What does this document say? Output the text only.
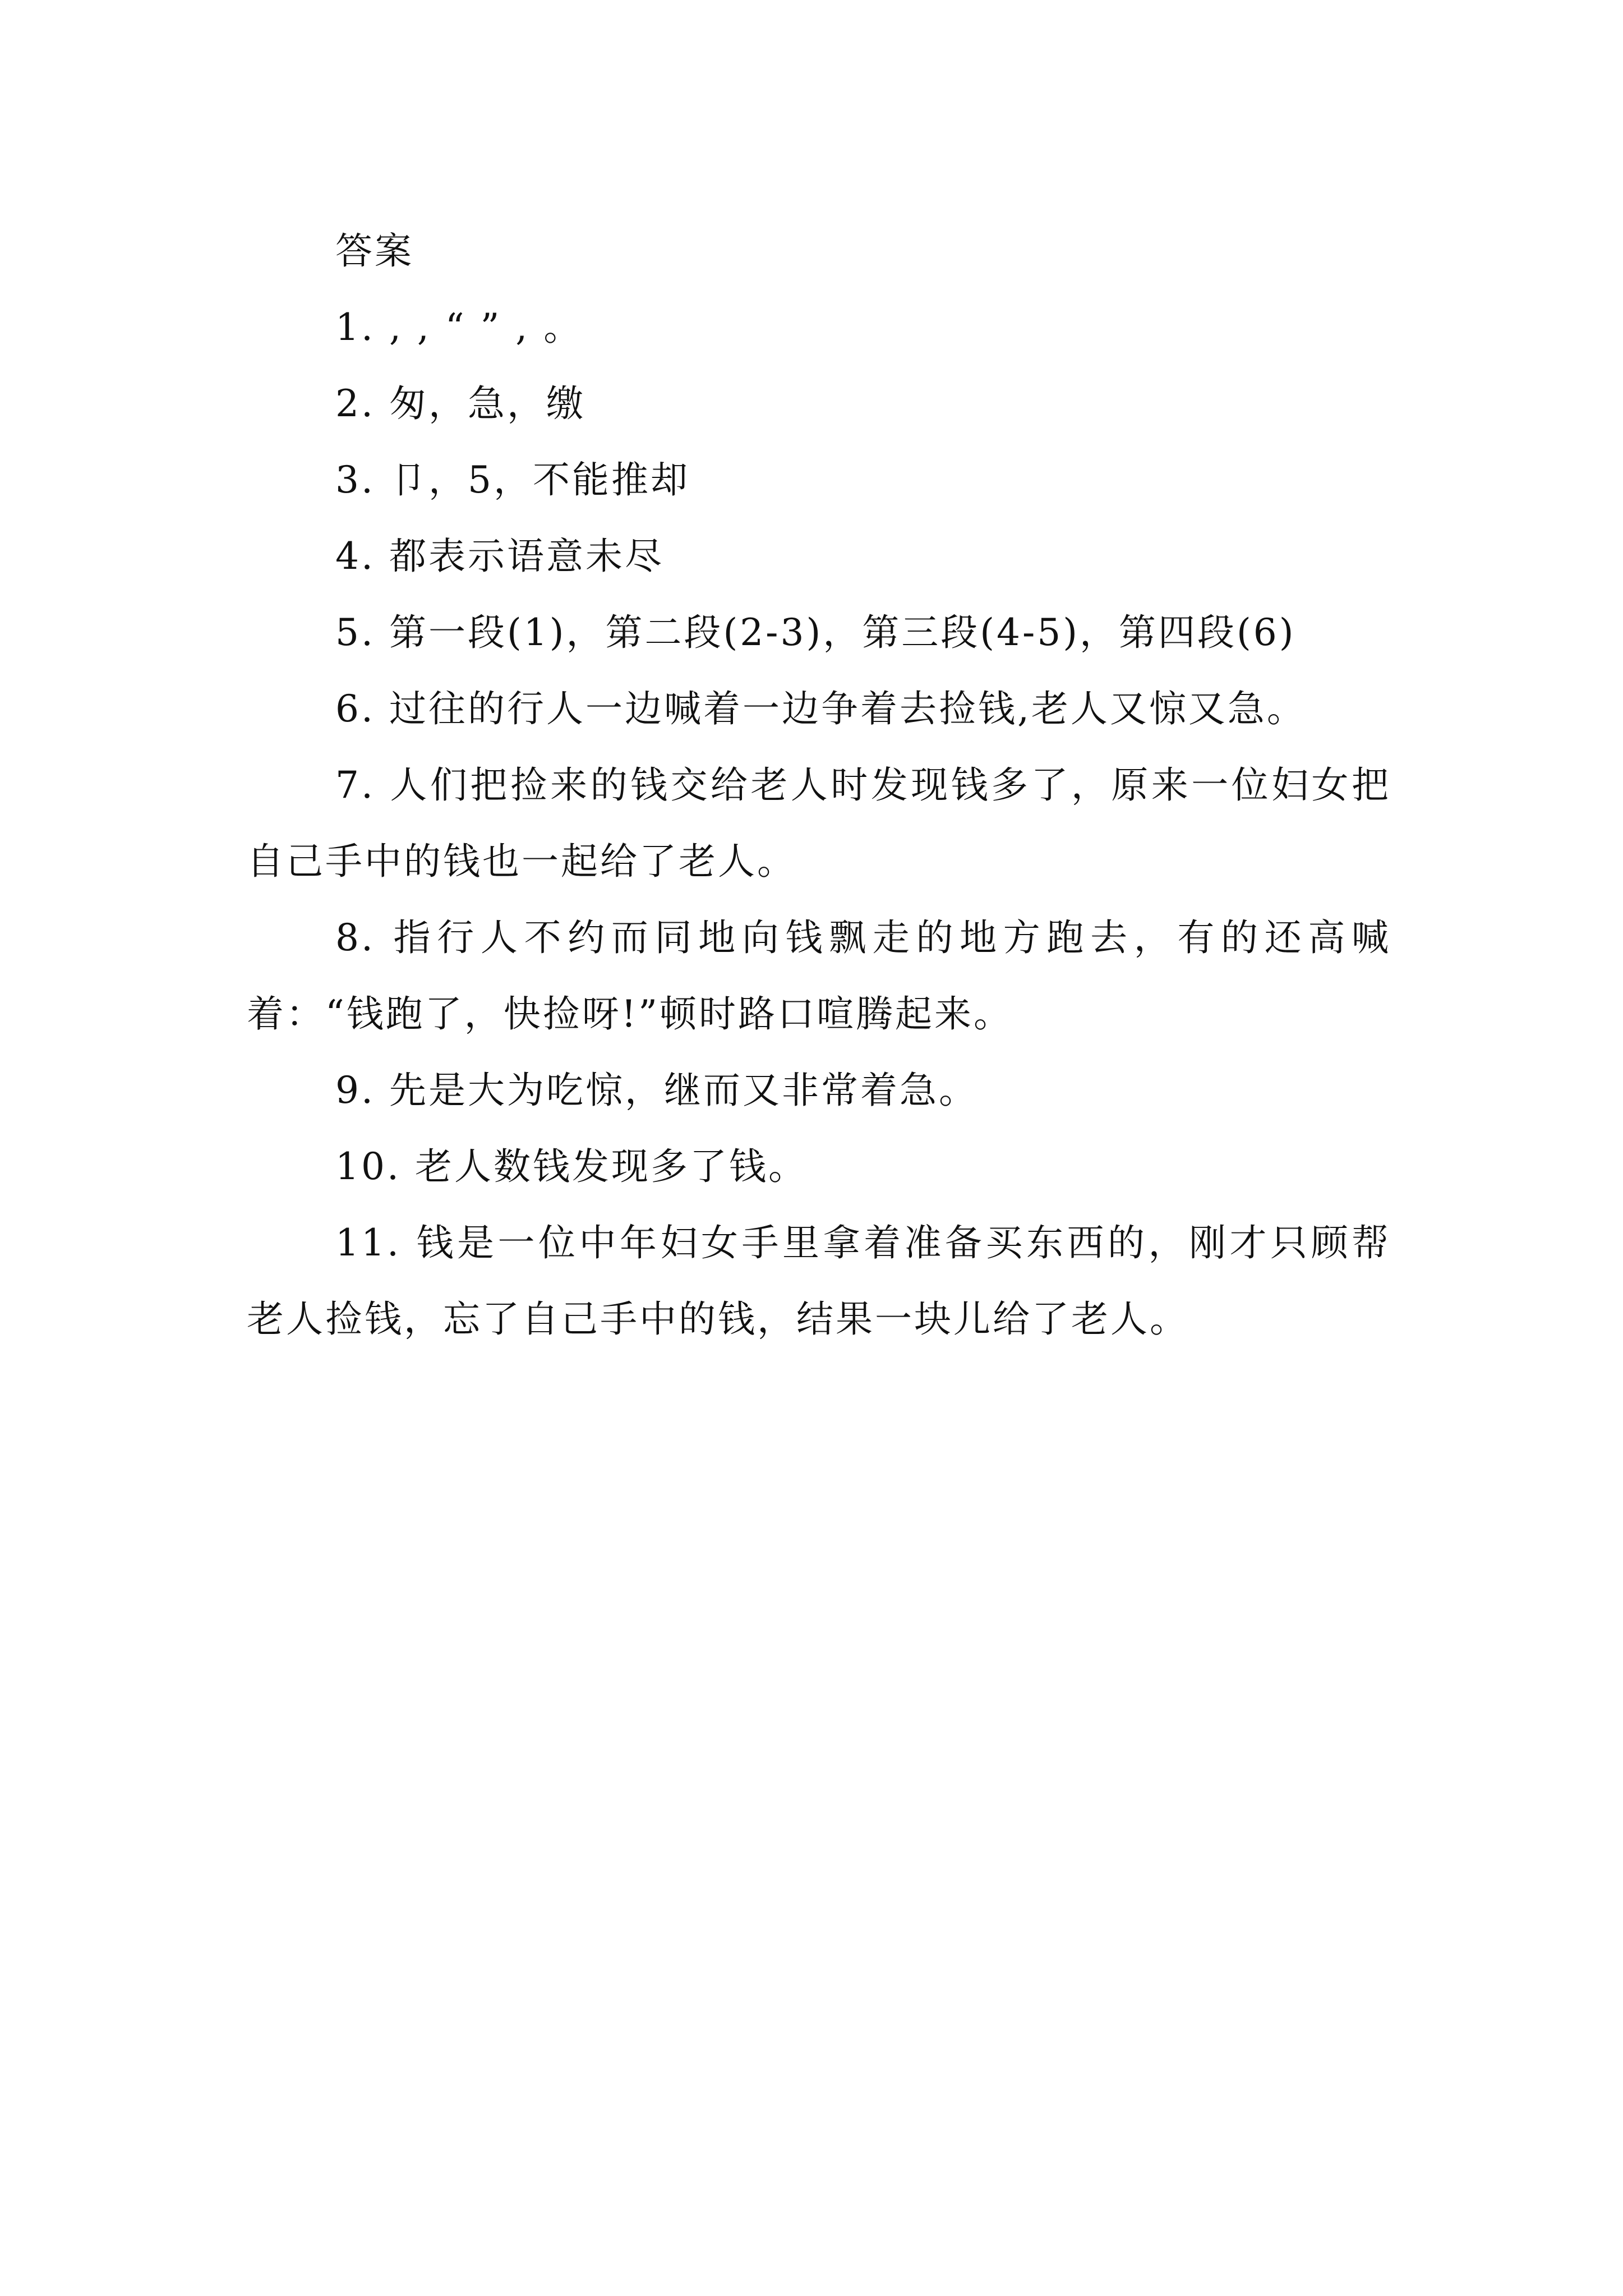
答案

1. , , “ ” , 。

2. 匆，急，缴

3. 卩，5，不能推却

4. 都表示语意未尽

5. 第一段(1)，第二段(2-3)，第三段(4-5)，第四段(6)

6. 过往的行人一边喊着一边争着去捡钱,老人又惊又急。

7. 人们把捡来的钱交给老人时发现钱多了，原来一位妇女把自己手中的钱也一起给了老人。

8. 指行人不约而同地向钱飘走的地方跑去，有的还高喊着：“钱跑了，快捡呀!”顿时路口喧腾起来。

9. 先是大为吃惊，继而又非常着急。

10. 老人数钱发现多了钱。

11. 钱是一位中年妇女手里拿着准备买东西的，刚才只顾帮老人捡钱，忘了自己手中的钱，结果一块儿给了老人。
